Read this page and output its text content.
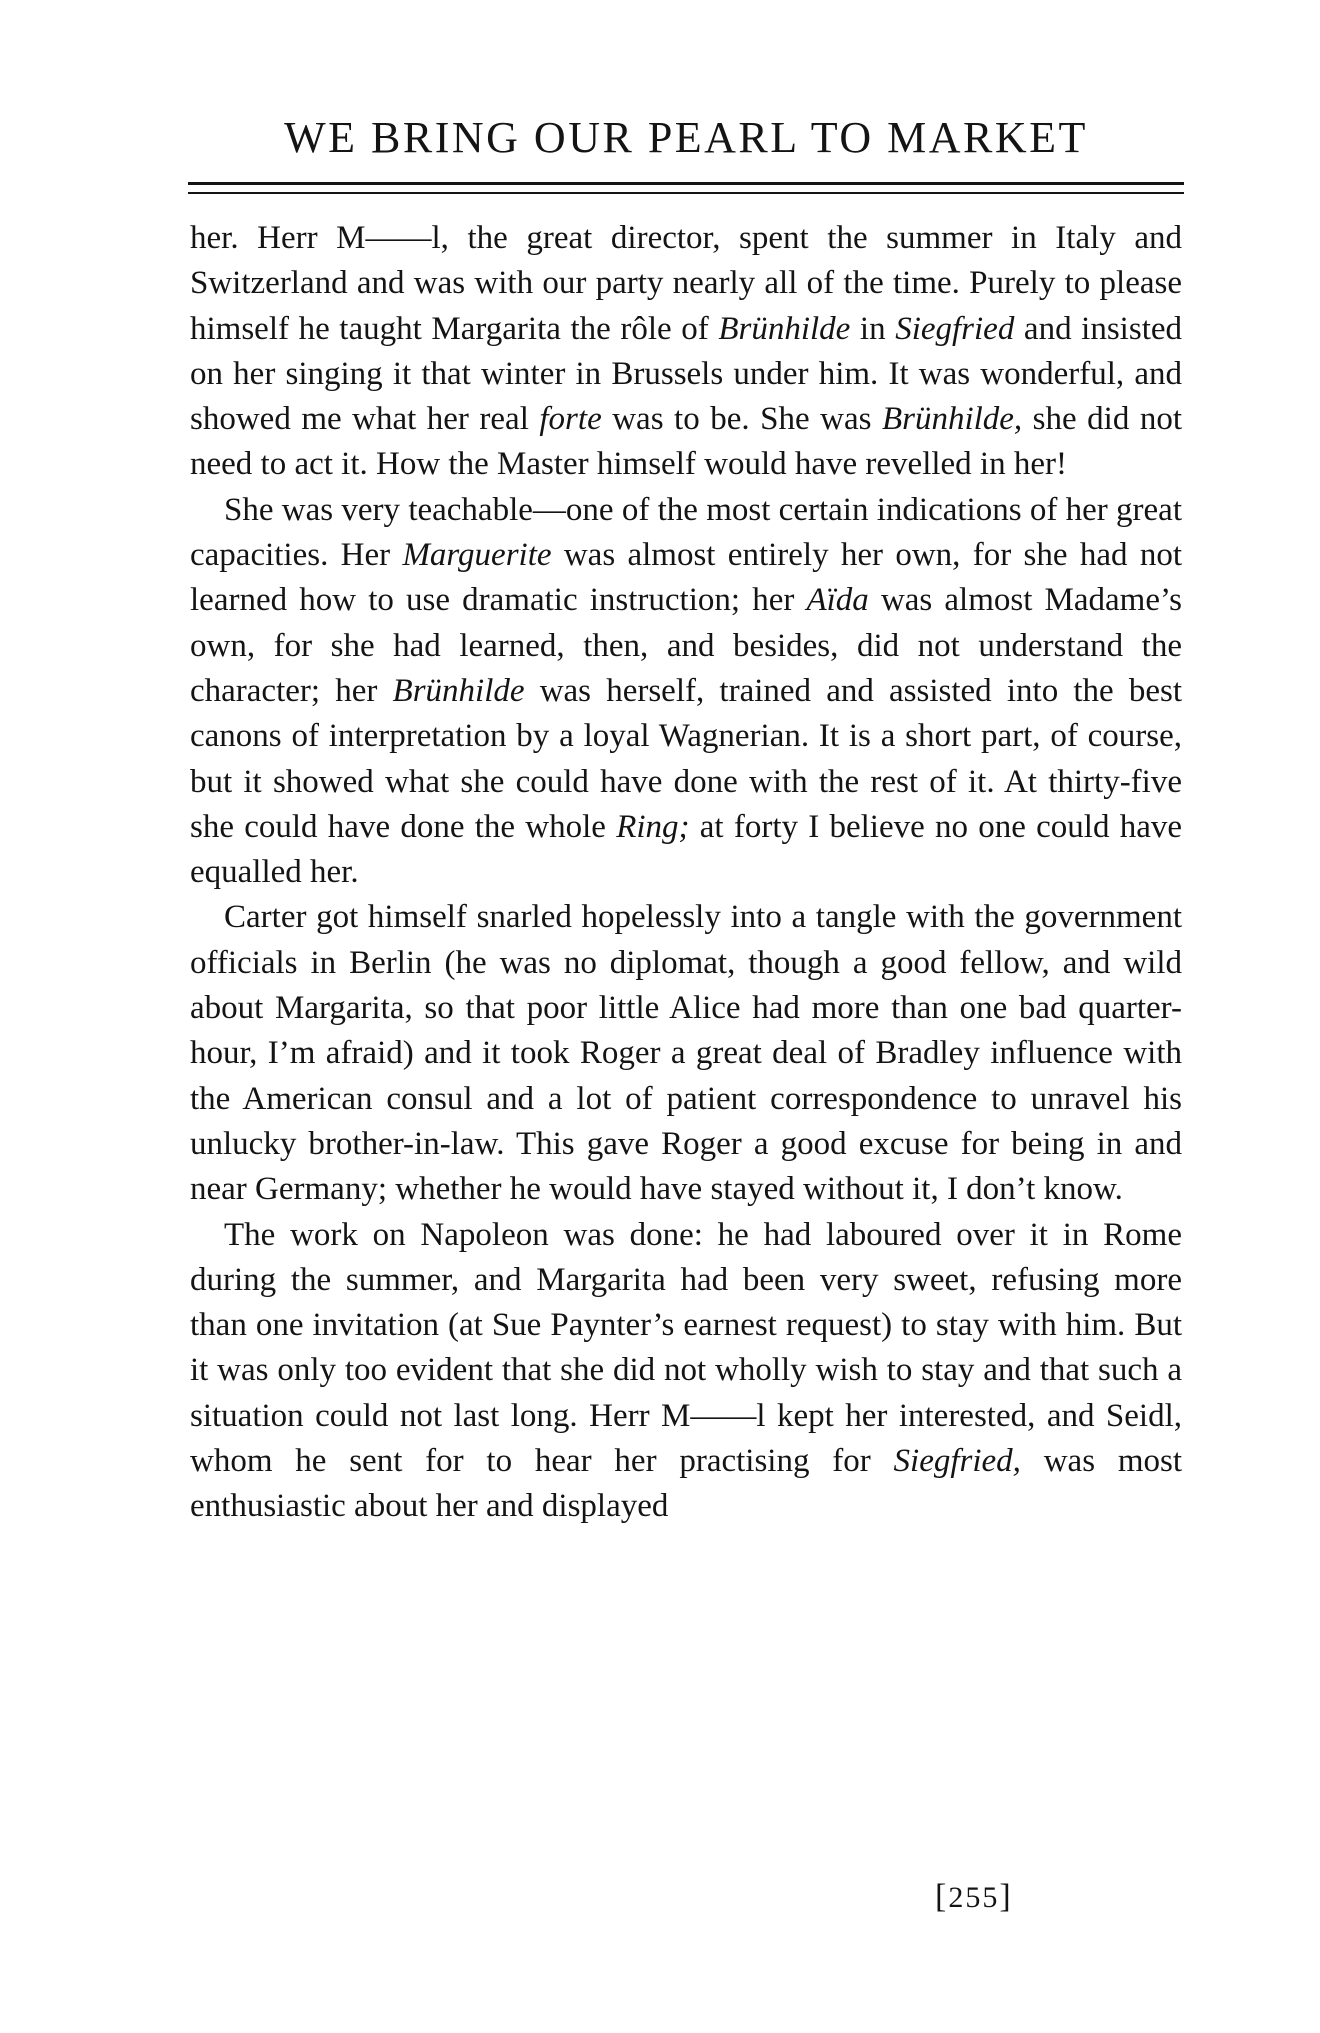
WE BRING OUR PEARL TO MARKET

her. Herr M——l, the great director, spent the summer in Italy and Switzerland and was with our party nearly all of the time. Purely to please himself he taught Margarita the rôle of Brünhilde in Siegfried and insisted on her singing it that winter in Brussels under him. It was wonderful, and showed me what her real forte was to be. She was Brünhilde, she did not need to act it. How the Master himself would have revelled in her!

She was very teachable—one of the most certain indications of her great capacities. Her Marguerite was almost entirely her own, for she had not learned how to use dramatic instruction; her Aïda was almost Madame’s own, for she had learned, then, and besides, did not understand the character; her Brünhilde was herself, trained and assisted into the best canons of interpretation by a loyal Wagnerian. It is a short part, of course, but it showed what she could have done with the rest of it. At thirty-five she could have done the whole Ring; at forty I believe no one could have equalled her.

Carter got himself snarled hopelessly into a tangle with the government officials in Berlin (he was no diplomat, though a good fellow, and wild about Margarita, so that poor little Alice had more than one bad quarter-hour, I’m afraid) and it took Roger a great deal of Bradley influence with the American consul and a lot of patient correspondence to unravel his unlucky brother-in-law. This gave Roger a good excuse for being in and near Germany; whether he would have stayed without it, I don’t know.

The work on Napoleon was done: he had laboured over it in Rome during the summer, and Margarita had been very sweet, refusing more than one invitation (at Sue Paynter’s earnest request) to stay with him. But it was only too evident that she did not wholly wish to stay and that such a situation could not last long. Herr M——l kept her interested, and Seidl, whom he sent for to hear her practising for Siegfried, was most enthusiastic about her and displayed

[255]
